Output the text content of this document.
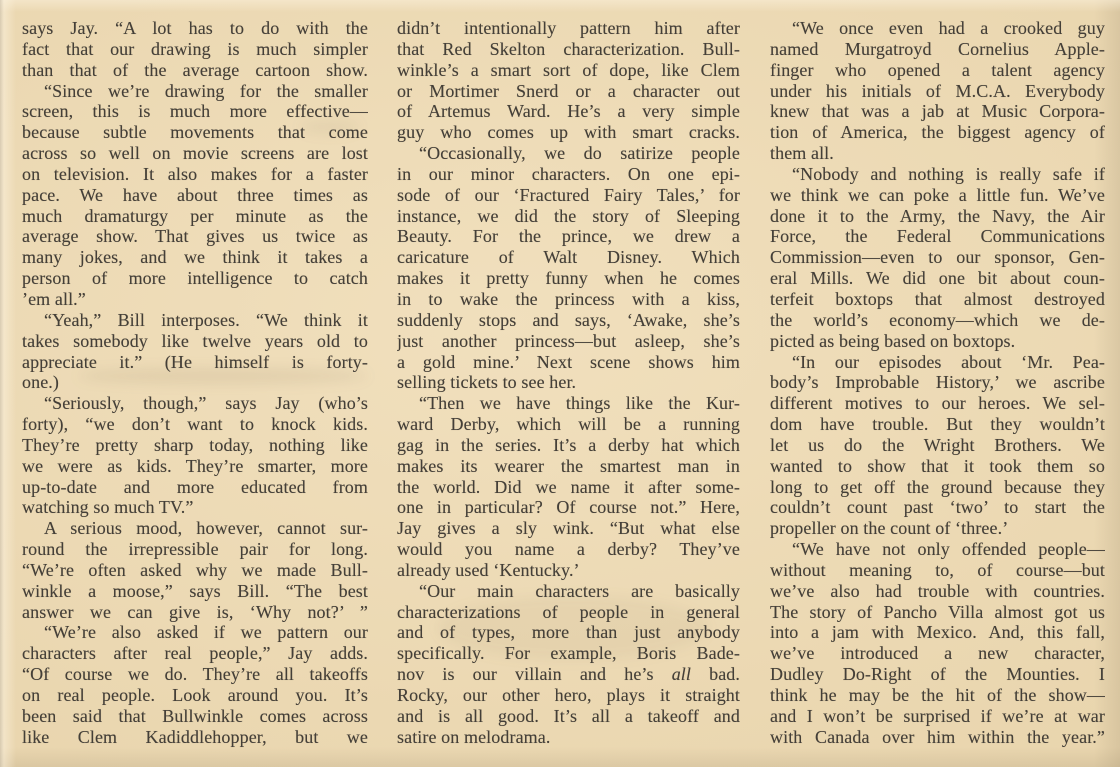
says Jay. “A lot has to do with the
fact that our drawing is much simpler
than that of the average cartoon show.
“Since we’re drawing for the smaller
screen, this is much more effective—
because subtle movements that come
across so well on movie screens are lost
on television. It also makes for a faster
pace. We have about three times as
much dramaturgy per minute as the
average show. That gives us twice as
many jokes, and we think it takes a
person of more intelligence to catch
’em all.”
“Yeah,” Bill interposes. “We think it
takes somebody like twelve years old to
appreciate it.” (He himself is forty-
one.)
“Seriously, though,” says Jay (who’s
forty), “we don’t want to knock kids.
They’re pretty sharp today, nothing like
we were as kids. They’re smarter, more
up-to-date and more educated from
watching so much TV.”
A serious mood, however, cannot sur-
round the irrepressible pair for long.
“We’re often asked why we made Bull-
winkle a moose,” says Bill. “The best
answer we can give is, ‘Why not?’ ”
“We’re also asked if we pattern our
characters after real people,” Jay adds.
“Of course we do. They’re all takeoffs
on real people. Look around you. It’s
been said that Bullwinkle comes across
like Clem Kadiddlehopper, but we
didn’t intentionally pattern him after
that Red Skelton characterization. Bull-
winkle’s a smart sort of dope, like Clem
or Mortimer Snerd or a character out
of Artemus Ward. He’s a very simple
guy who comes up with smart cracks.
“Occasionally, we do satirize people
in our minor characters. On one epi-
sode of our ‘Fractured Fairy Tales,’ for
instance, we did the story of Sleeping
Beauty. For the prince, we drew a
caricature of Walt Disney. Which
makes it pretty funny when he comes
in to wake the princess with a kiss,
suddenly stops and says, ‘Awake, she’s
just another princess—but asleep, she’s
a gold mine.’ Next scene shows him
selling tickets to see her.
“Then we have things like the Kur-
ward Derby, which will be a running
gag in the series. It’s a derby hat which
makes its wearer the smartest man in
the world. Did we name it after some-
one in particular? Of course not.” Here,
Jay gives a sly wink. “But what else
would you name a derby? They’ve
already used ‘Kentucky.’
“Our main characters are basically
characterizations of people in general
and of types, more than just anybody
specifically. For example, Boris Bade-
nov is our villain and he’s all bad.
Rocky, our other hero, plays it straight
and is all good. It’s all a takeoff and
satire on melodrama.
“We once even had a crooked guy
named Murgatroyd Cornelius Apple-
finger who opened a talent agency
under his initials of M.C.A. Everybody
knew that was a jab at Music Corpora-
tion of America, the biggest agency of
them all.
“Nobody and nothing is really safe if
we think we can poke a little fun. We’ve
done it to the Army, the Navy, the Air
Force, the Federal Communications
Commission—even to our sponsor, Gen-
eral Mills. We did one bit about coun-
terfeit boxtops that almost destroyed
the world’s economy—which we de-
picted as being based on boxtops.
“In our episodes about ‘Mr. Pea-
body’s Improbable History,’ we ascribe
different motives to our heroes. We sel-
dom have trouble. But they wouldn’t
let us do the Wright Brothers. We
wanted to show that it took them so
long to get off the ground because they
couldn’t count past ‘two’ to start the
propeller on the count of ‘three.’
“We have not only offended people—
without meaning to, of course—but
we’ve also had trouble with countries.
The story of Pancho Villa almost got us
into a jam with Mexico. And, this fall,
we’ve introduced a new character,
Dudley Do-Right of the Mounties. I
think he may be the hit of the show—
and I won’t be surprised if we’re at war
with Canada over him within the year.”
